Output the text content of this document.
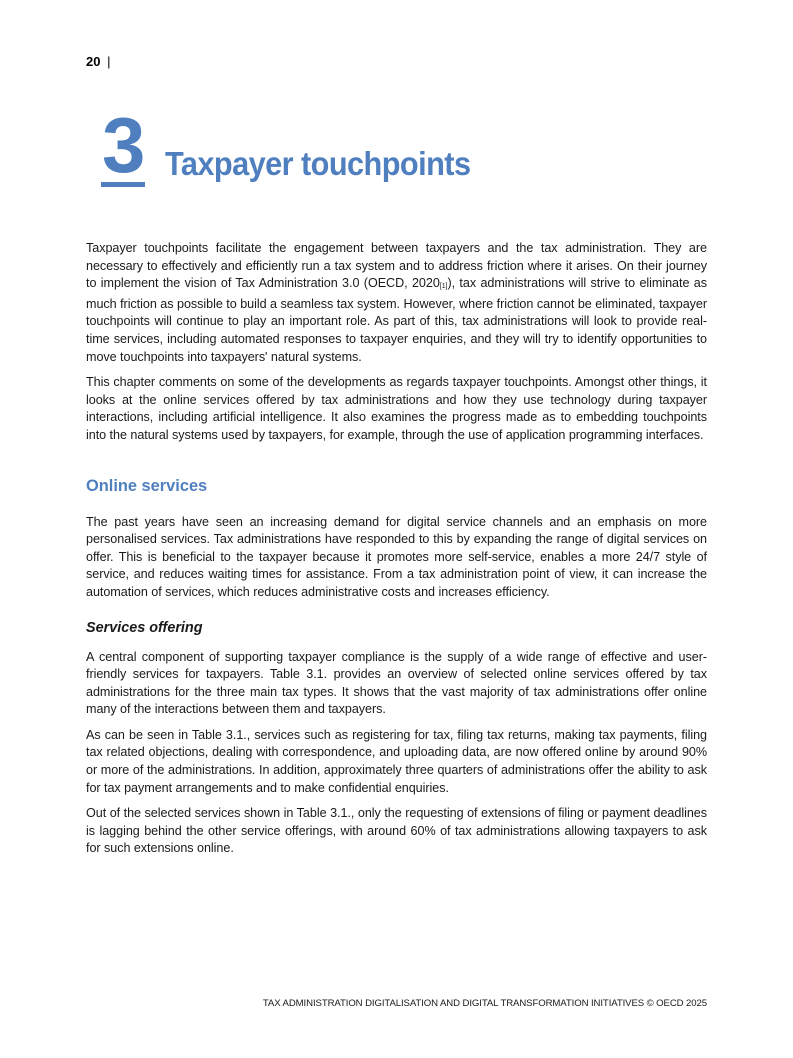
20 |
3 Taxpayer touchpoints

Taxpayer touchpoints facilitate the engagement between taxpayers and the tax administration. They are necessary to effectively and efficiently run a tax system and to address friction where it arises. On their journey to implement the vision of Tax Administration 3.0 (OECD, 2020[1]), tax administrations will strive to eliminate as much friction as possible to build a seamless tax system. However, where friction cannot be eliminated, taxpayer touchpoints will continue to play an important role. As part of this, tax administrations will look to provide real-time services, including automated responses to taxpayer enquiries, and they will try to identify opportunities to move touchpoints into taxpayers' natural systems.

This chapter comments on some of the developments as regards taxpayer touchpoints. Amongst other things, it looks at the online services offered by tax administrations and how they use technology during taxpayer interactions, including artificial intelligence. It also examines the progress made as to embedding touchpoints into the natural systems used by taxpayers, for example, through the use of application programming interfaces.

Online services

The past years have seen an increasing demand for digital service channels and an emphasis on more personalised services. Tax administrations have responded to this by expanding the range of digital services on offer. This is beneficial to the taxpayer because it promotes more self-service, enables a more 24/7 style of service, and reduces waiting times for assistance. From a tax administration point of view, it can increase the automation of services, which reduces administrative costs and increases efficiency.

Services offering

A central component of supporting taxpayer compliance is the supply of a wide range of effective and user-friendly services for taxpayers. Table 3.1. provides an overview of selected online services offered by tax administrations for the three main tax types. It shows that the vast majority of tax administrations offer online many of the interactions between them and taxpayers.

As can be seen in Table 3.1., services such as registering for tax, filing tax returns, making tax payments, filing tax related objections, dealing with correspondence, and uploading data, are now offered online by around 90% or more of the administrations. In addition, approximately three quarters of administrations offer the ability to ask for tax payment arrangements and to make confidential enquiries.

Out of the selected services shown in Table 3.1., only the requesting of extensions of filing or payment deadlines is lagging behind the other service offerings, with around 60% of tax administrations allowing taxpayers to ask for such extensions online.

TAX ADMINISTRATION DIGITALISATION AND DIGITAL TRANSFORMATION INITIATIVES © OECD 2025
